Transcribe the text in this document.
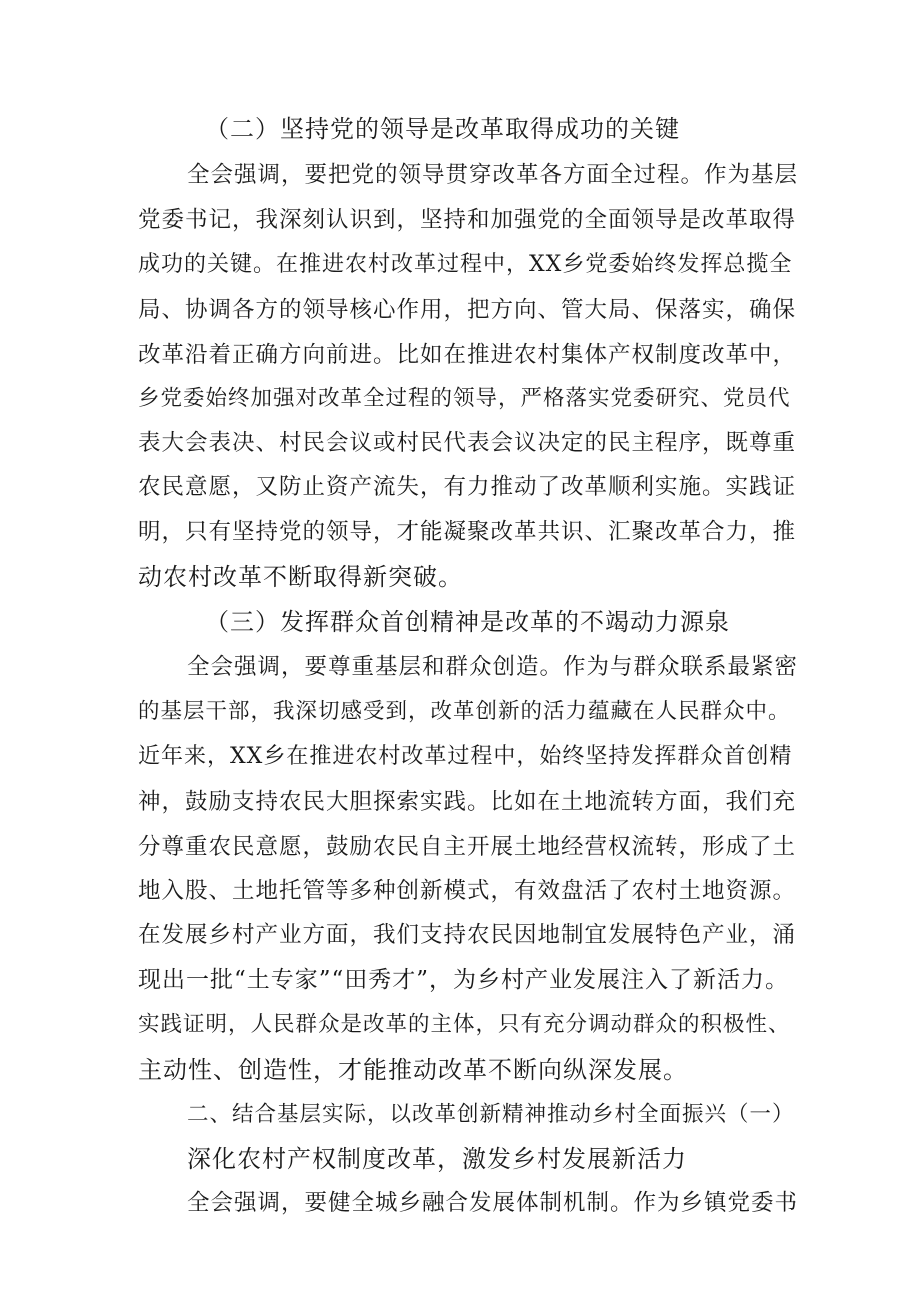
（二）坚持党的领导是改革取得成功的关键
全会强调，要把党的领导贯穿改革各方面全过程。作为基层
党委书记，我深刻认识到，坚持和加强党的全面领导是改革取得
成功的关键。在推进农村改革过程中，XX乡党委始终发挥总揽全
局、协调各方的领导核心作用，把方向、管大局、保落实，确保
改革沿着正确方向前进。比如在推进农村集体产权制度改革中，
乡党委始终加强对改革全过程的领导，严格落实党委研究、党员代
表大会表决、村民会议或村民代表会议决定的民主程序，既尊重
农民意愿，又防止资产流失，有力推动了改革顺利实施。实践证
明，只有坚持党的领导，才能凝聚改革共识、汇聚改革合力，推
动农村改革不断取得新突破。
（三）发挥群众首创精神是改革的不竭动力源泉
全会强调，要尊重基层和群众创造。作为与群众联系最紧密
的基层干部，我深切感受到，改革创新的活力蕴藏在人民群众中。
近年来，XX乡在推进农村改革过程中，始终坚持发挥群众首创精
神，鼓励支持农民大胆探索实践。比如在土地流转方面，我们充
分尊重农民意愿，鼓励农民自主开展土地经营权流转，形成了土
地入股、土地托管等多种创新模式，有效盘活了农村土地资源。
在发展乡村产业方面，我们支持农民因地制宜发展特色产业，涌
现出一批“土专家”“田秀才”，为乡村产业发展注入了新活力。
实践证明，人民群众是改革的主体，只有充分调动群众的积极性、
主动性、创造性，才能推动改革不断向纵深发展。
二、结合基层实际，以改革创新精神推动乡村全面振兴（一）
深化农村产权制度改革，激发乡村发展新活力
全会强调，要健全城乡融合发展体制机制。作为乡镇党委书
